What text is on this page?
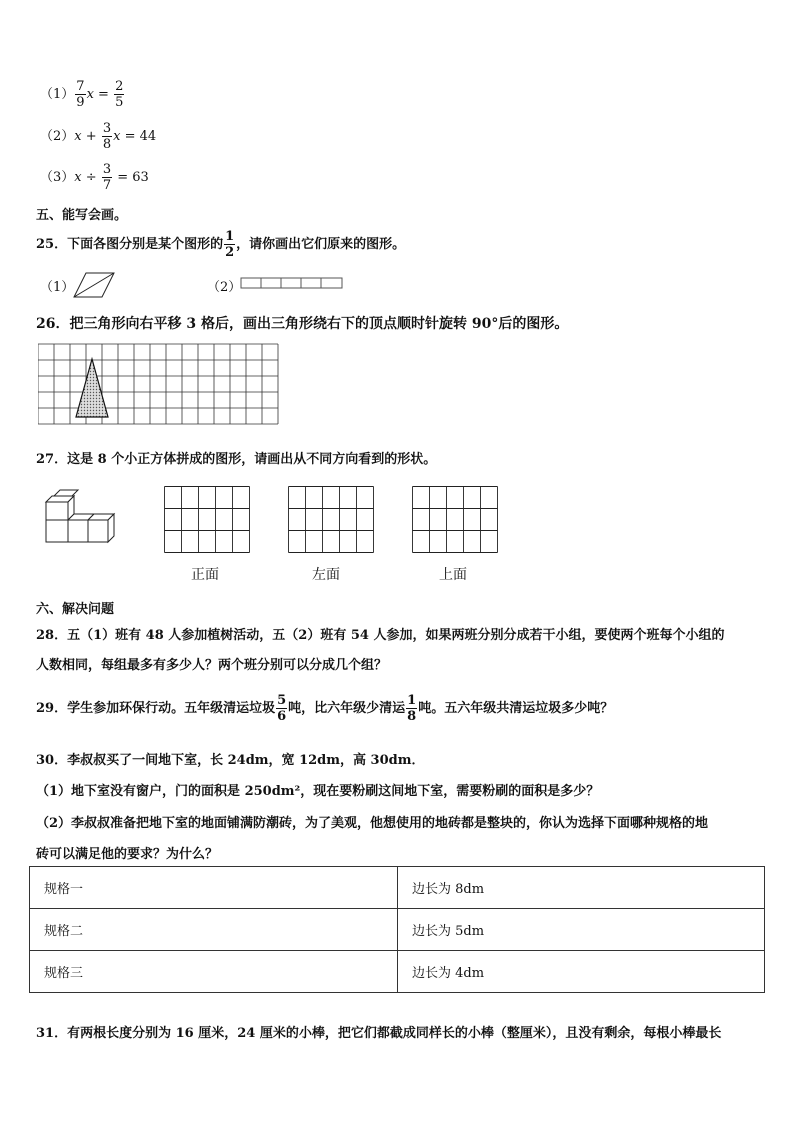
$(1) \frac{7}{9}$ $x = \frac{2}{5}$
$(2)x + \frac{3}{8}$ x = 44
$(3)x \div \frac{3}{7} = 63$
五、能写会画。
25．下面各图分别是某个图形的 $\frac{1}{2}$ ，请你画出它们原来的图形。
（1）	（2）
26．把三角形向右平移 3 格后，画出三角形绕右下的顶点顺时针旋转 90°后的图形。
27．这是 8 个小正方体拼成的图形，请画出从不同方向看到的形状。
正面	左面	上面
六、解决问题
28．五（1）班有 48 人参加植树活动，五（2）班有 54 人参加，如果两班分别分成若干小组，要使两个班每个小组的
人数相同，每组最多有多少人？两个班分别可以分成几个组？
29．学生参加环保行动。五年级清运垃圾 $\frac{5}{6}$ 吨，比六年级少清运 $\frac{1}{8}$ 吨。五六年级共清运垃圾多少吨？
30．李叔叔买了一间地下室，长 24dm，宽 12dm，高 30dm．
（1）地下室没有窗户，门的面积是 250dm²，现在要粉刷这间地下室，需要粉刷的面积是多少？
（2）李叔叔准备把地下室的地面铺满防潮砖，为了美观，他想使用的地砖都是整块的，你认为选择下面哪种规格的地
砖可以满足他的要求？为什么？
规格一	边长为 8dm
规格二	边长为 5dm
规格三	边长为 4dm
31．有两根长度分别为 16 厘米，24 厘米的小棒，把它们都截成同样长的小棒（整厘米），且没有剩余，每根小棒最长
